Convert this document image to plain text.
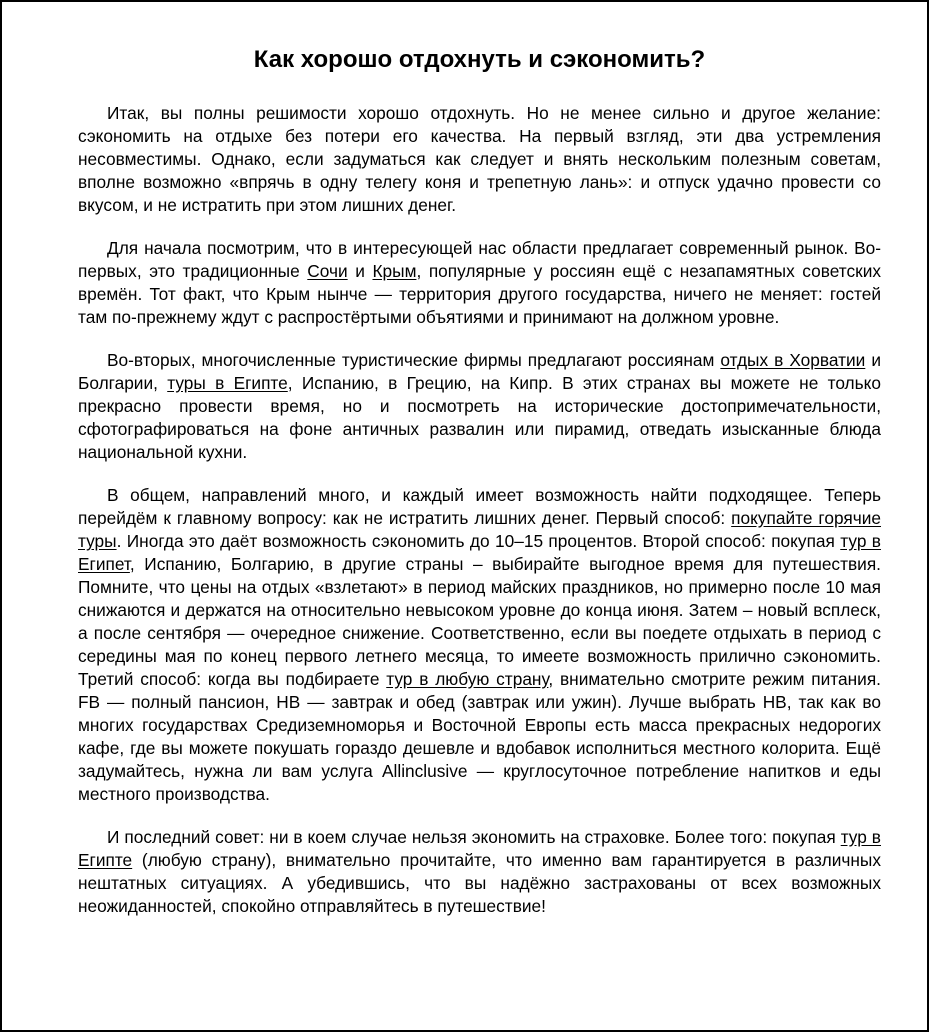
Как хорошо отдохнуть и сэкономить?

Итак, вы полны решимости хорошо отдохнуть. Но не менее сильно и другое желание: сэкономить на отдыхе без потери его качества. На первый взгляд, эти два устремления несовместимы. Однако, если задуматься как следует и внять нескольким полезным советам, вполне возможно «впрячь в одну телегу коня и трепетную лань»: и отпуск удачно провести со вкусом, и не истратить при этом лишних денег.

Для начала посмотрим, что в интересующей нас области предлагает современный рынок. Во-первых, это традиционные Сочи и Крым, популярные у россиян ещё с незапамятных советских времён. Тот факт, что Крым нынче — территория другого государства, ничего не меняет: гостей там по-прежнему ждут с распростёртыми объятиями и принимают на должном уровне.

Во-вторых, многочисленные туристические фирмы предлагают россиянам отдых в Хорватии и Болгарии, туры в Египте, Испанию, в Грецию, на Кипр. В этих странах вы можете не только прекрасно провести время, но и посмотреть на исторические достопримечательности, сфотографироваться на фоне античных развалин или пирамид, отведать изысканные блюда национальной кухни.

В общем, направлений много, и каждый имеет возможность найти подходящее. Теперь перейдём к главному вопросу: как не истратить лишних денег. Первый способ: покупайте горячие туры. Иногда это даёт возможность сэкономить до 10–15 процентов. Второй способ: покупая тур в Египет, Испанию, Болгарию, в другие страны – выбирайте выгодное время для путешествия. Помните, что цены на отдых «взлетают» в период майских праздников, но примерно после 10 мая снижаются и держатся на относительно невысоком уровне до конца июня. Затем – новый всплеск, а после сентября — очередное снижение. Соответственно, если вы поедете отдыхать в период с середины мая по конец первого летнего месяца, то имеете возможность прилично сэкономить. Третий способ: когда вы подбираете тур в любую страну, внимательно смотрите режим питания. FB — полный пансион, HB — завтрак и обед (завтрак или ужин). Лучше выбрать HB, так как во многих государствах Средиземноморья и Восточной Европы есть масса прекрасных недорогих кафе, где вы можете покушать гораздо дешевле и вдобавок исполниться местного колорита. Ещё задумайтесь, нужна ли вам услуга Allinclusive — круглосуточное потребление напитков и еды местного производства.

И последний совет: ни в коем случае нельзя экономить на страховке. Более того: покупая тур в Египте (любую страну), внимательно прочитайте, что именно вам гарантируется в различных нештатных ситуациях. А убедившись, что вы надёжно застрахованы от всех возможных неожиданностей, спокойно отправляйтесь в путешествие!
